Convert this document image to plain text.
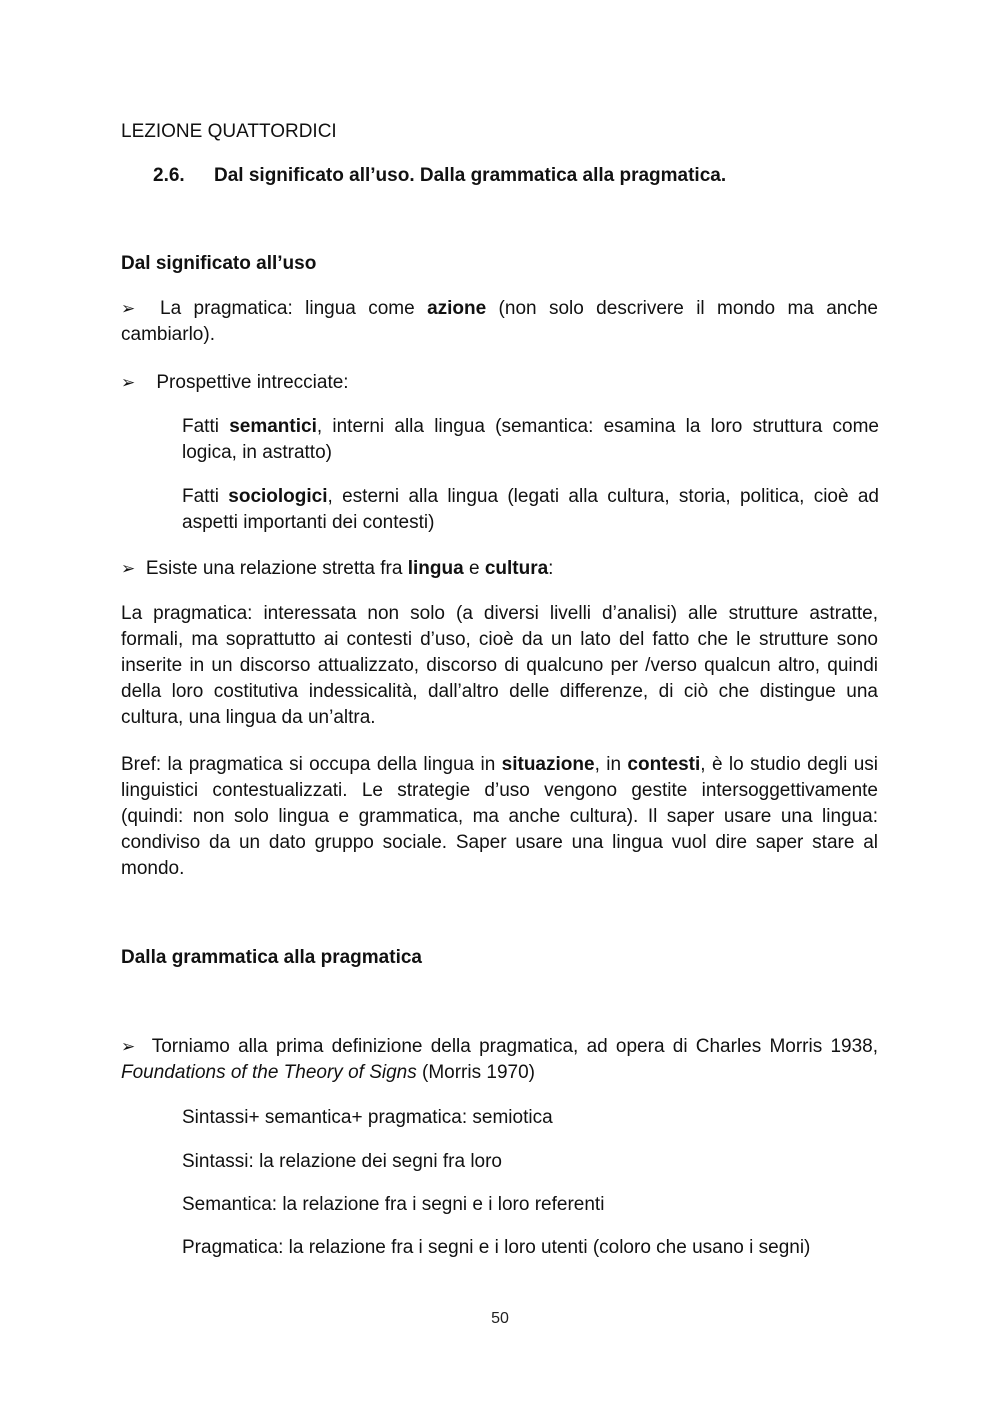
LEZIONE QUATTORDICI

2.6. Dal significato all’uso. Dalla grammatica alla pragmatica.

Dal significato all’uso

➢ La pragmatica: lingua come azione (non solo descrivere il mondo ma anche cambiarlo).

➢ Prospettive intrecciate:

Fatti semantici, interni alla lingua (semantica: esamina la loro struttura come logica, in astratto)

Fatti sociologici, esterni alla lingua (legati alla cultura, storia, politica, cioè ad aspetti importanti dei contesti)

➢ Esiste una relazione stretta fra lingua e cultura:

La pragmatica: interessata non solo (a diversi livelli d’analisi) alle strutture astratte, formali, ma soprattutto ai contesti d’uso, cioè da un lato del fatto che le strutture sono inserite in un discorso attualizzato, discorso di qualcuno per /verso qualcun altro, quindi della loro costitutiva indessicalità, dall’altro delle differenze, di ciò che distingue una cultura, una lingua da un’altra.

Bref: la pragmatica si occupa della lingua in situazione, in contesti, è lo studio degli usi linguistici contestualizzati. Le strategie d’uso vengono gestite intersoggettivamente (quindi: non solo lingua e grammatica, ma anche cultura). Il saper usare una lingua: condiviso da un dato gruppo sociale. Saper usare una lingua vuol dire saper stare al mondo.

Dalla grammatica alla pragmatica

➢ Torniamo alla prima definizione della pragmatica, ad opera di Charles Morris 1938, Foundations of the Theory of Signs (Morris 1970)

Sintassi+ semantica+ pragmatica: semiotica

Sintassi: la relazione dei segni fra loro

Semantica: la relazione fra i segni e i loro referenti

Pragmatica: la relazione fra i segni e i loro utenti (coloro che usano i segni)

50
